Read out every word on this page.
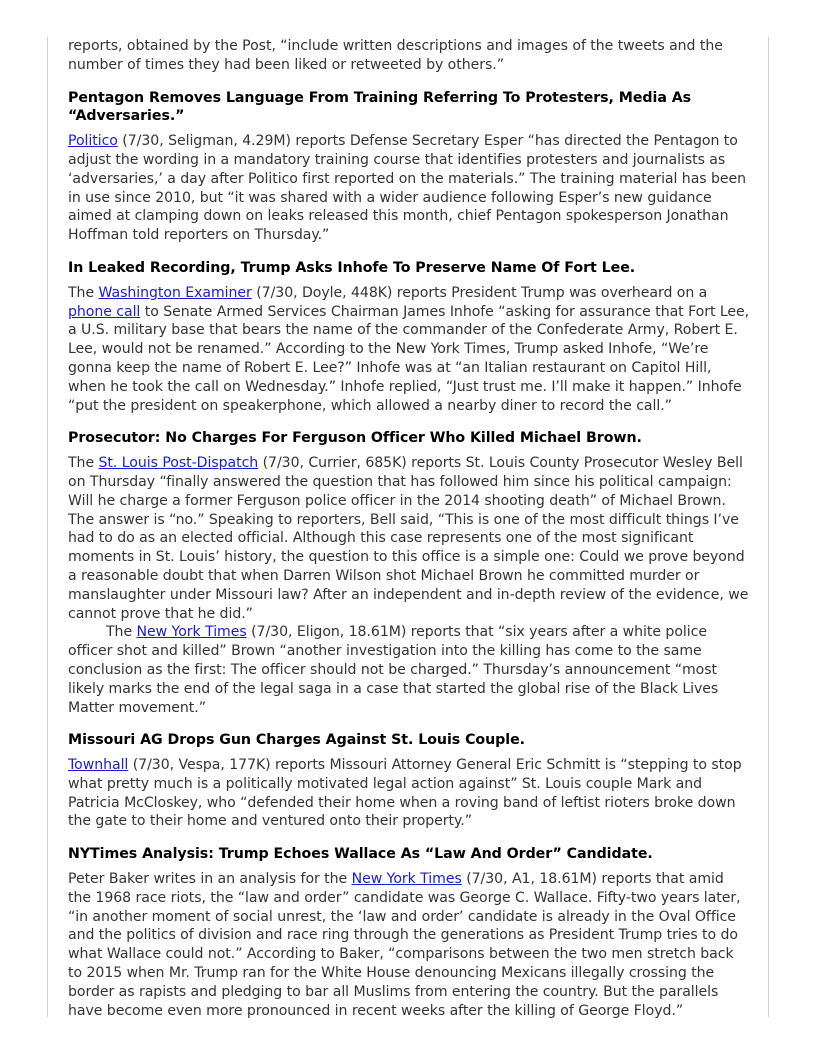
reports, obtained by the Post, “include written descriptions and images of the tweets and the number of times they had been liked or retweeted by others.”

Pentagon Removes Language From Training Referring To Protesters, Media As “Adversaries.”

Politico (7/30, Seligman, 4.29M) reports Defense Secretary Esper “has directed the Pentagon to adjust the wording in a mandatory training course that identifies protesters and journalists as ‘adversaries,’ a day after Politico first reported on the materials.” The training material has been in use since 2010, but “it was shared with a wider audience following Esper’s new guidance aimed at clamping down on leaks released this month, chief Pentagon spokesperson Jonathan Hoffman told reporters on Thursday.”

In Leaked Recording, Trump Asks Inhofe To Preserve Name Of Fort Lee.

The Washington Examiner (7/30, Doyle, 448K) reports President Trump was overheard on a phone call to Senate Armed Services Chairman James Inhofe “asking for assurance that Fort Lee, a U.S. military base that bears the name of the commander of the Confederate Army, Robert E. Lee, would not be renamed.” According to the New York Times, Trump asked Inhofe, “We’re gonna keep the name of Robert E. Lee?” Inhofe was at “an Italian restaurant on Capitol Hill, when he took the call on Wednesday.” Inhofe replied, “Just trust me. I’ll make it happen.” Inhofe “put the president on speakerphone, which allowed a nearby diner to record the call.”

Prosecutor: No Charges For Ferguson Officer Who Killed Michael Brown.

The St. Louis Post-Dispatch (7/30, Currier, 685K) reports St. Louis County Prosecutor Wesley Bell on Thursday “finally answered the question that has followed him since his political campaign: Will he charge a former Ferguson police officer in the 2014 shooting death” of Michael Brown. The answer is “no.” Speaking to reporters, Bell said, “This is one of the most difficult things I’ve had to do as an elected official. Although this case represents one of the most significant moments in St. Louis’ history, the question to this office is a simple one: Could we prove beyond a reasonable doubt that when Darren Wilson shot Michael Brown he committed murder or manslaughter under Missouri law? After an independent and in-depth review of the evidence, we cannot prove that he did.”

The New York Times (7/30, Eligon, 18.61M) reports that “six years after a white police officer shot and killed” Brown “another investigation into the killing has come to the same conclusion as the first: The officer should not be charged.” Thursday’s announcement “most likely marks the end of the legal saga in a case that started the global rise of the Black Lives Matter movement.”

Missouri AG Drops Gun Charges Against St. Louis Couple.

Townhall (7/30, Vespa, 177K) reports Missouri Attorney General Eric Schmitt is “stepping to stop what pretty much is a politically motivated legal action against” St. Louis couple Mark and Patricia McCloskey, who “defended their home when a roving band of leftist rioters broke down the gate to their home and ventured onto their property.”

NYTimes Analysis: Trump Echoes Wallace As “Law And Order” Candidate.

Peter Baker writes in an analysis for the New York Times (7/30, A1, 18.61M) reports that amid the 1968 race riots, the “law and order” candidate was George C. Wallace. Fifty-two years later, “in another moment of social unrest, the ‘law and order’ candidate is already in the Oval Office and the politics of division and race ring through the generations as President Trump tries to do what Wallace could not.” According to Baker, “comparisons between the two men stretch back to 2015 when Mr. Trump ran for the White House denouncing Mexicans illegally crossing the border as rapists and pledging to bar all Muslims from entering the country. But the parallels have become even more pronounced in recent weeks after the killing of George Floyd.”
